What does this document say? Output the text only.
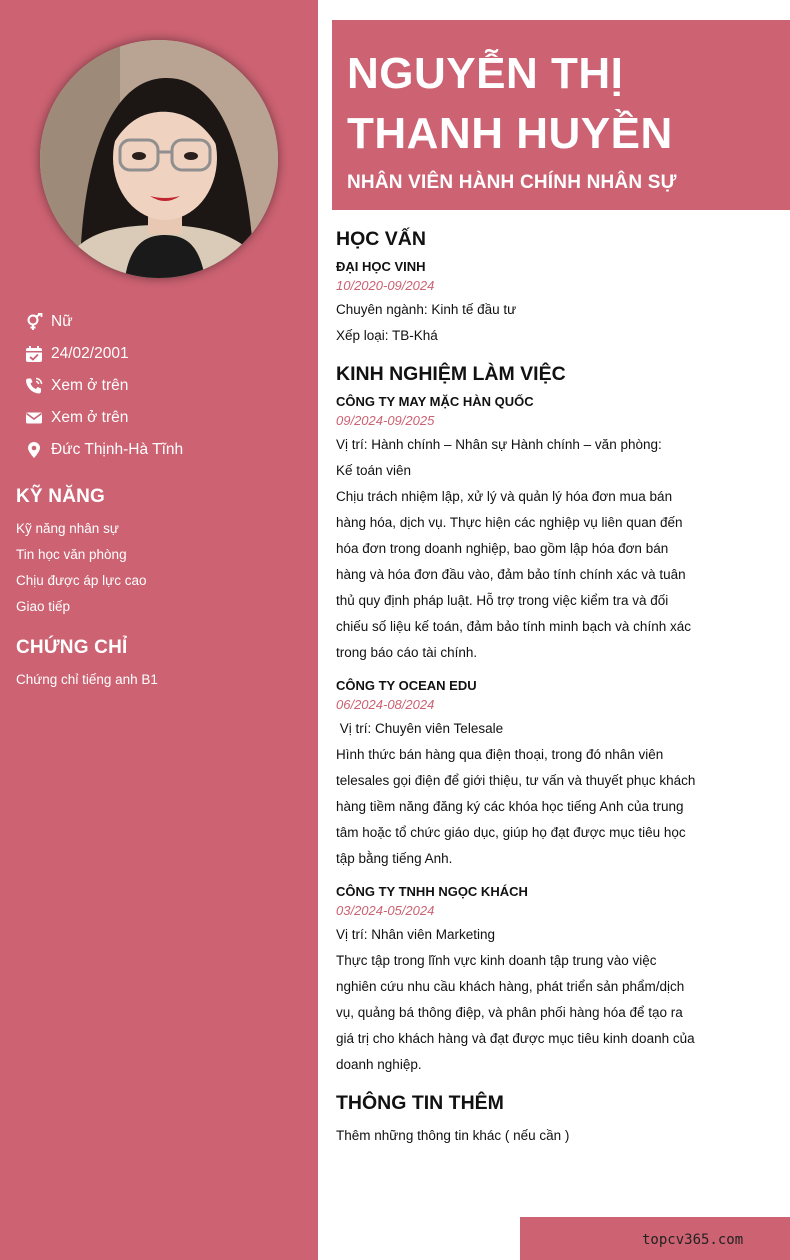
Nữ
24/02/2001
Xem ở trên
Xem ở trên
Đức Thịnh-Hà Tĩnh
KỸ NĂNG
Kỹ năng nhân sự
Tin học văn phòng
Chịu được áp lực cao
Giao tiếp
CHỨNG CHỈ
Chứng chỉ tiếng anh B1
NGUYỄN THỊ
THANH HUYỀN
NHÂN VIÊN HÀNH CHÍNH NHÂN SỰ
HỌC VẤN
ĐẠI HỌC VINH
10/2020-09/2024

Chuyên ngành: Kinh tế đầu tư

Xếp loại: TB-Khá

KINH NGHIỆM LÀM VIỆC
CÔNG TY MAY MẶC HÀN QUỐC
09/2024-09/2025

Vị trí: Hành chính – Nhân sự Hành chính – văn phòng:

Kế toán viên

Chịu trách nhiệm lập, xử lý và quản lý hóa đơn mua bán

hàng hóa, dịch vụ. Thực hiện các nghiệp vụ liên quan đến

hóa đơn trong doanh nghiệp, bao gồm lập hóa đơn bán

hàng và hóa đơn đầu vào, đảm bảo tính chính xác và tuân

thủ quy định pháp luật. Hỗ trợ trong việc kiểm tra và đối

chiếu số liệu kế toán, đảm bảo tính minh bạch và chính xác

trong báo cáo tài chính.

CÔNG TY OCEAN EDU
06/2024-08/2024

Vị trí: Chuyên viên Telesale

Hình thức bán hàng qua điện thoại, trong đó nhân viên

telesales gọi điện để giới thiệu, tư vấn và thuyết phục khách

hàng tiềm năng đăng ký các khóa học tiếng Anh của trung

tâm hoặc tổ chức giáo dục, giúp họ đạt được mục tiêu học

tập bằng tiếng Anh.

CÔNG TY TNHH NGỌC KHÁCH
03/2024-05/2024

Vị trí: Nhân viên Marketing

Thực tập trong lĩnh vực kinh doanh tập trung vào việc

nghiên cứu nhu cầu khách hàng, phát triển sản phẩm/dịch

vụ, quảng bá thông điệp, và phân phối hàng hóa để tạo ra

giá trị cho khách hàng và đạt được mục tiêu kinh doanh của

doanh nghiệp.

THÔNG TIN THÊM

Thêm những thông tin khác ( nếu cần )

topcv365.com
